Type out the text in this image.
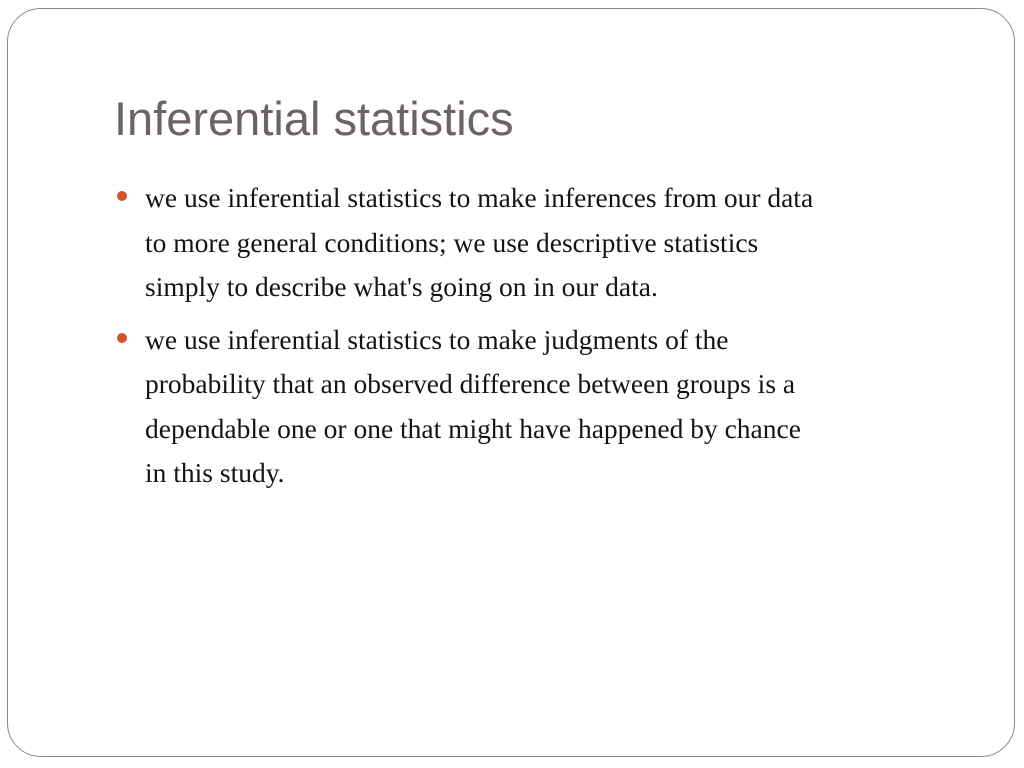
Inferential statistics
we use inferential statistics to make inferences from our data
to more general conditions; we use descriptive statistics
simply to describe what's going on in our data.
we use inferential statistics to make judgments of the
probability that an observed difference between groups is a
dependable one or one that might have happened by chance
in this study.
